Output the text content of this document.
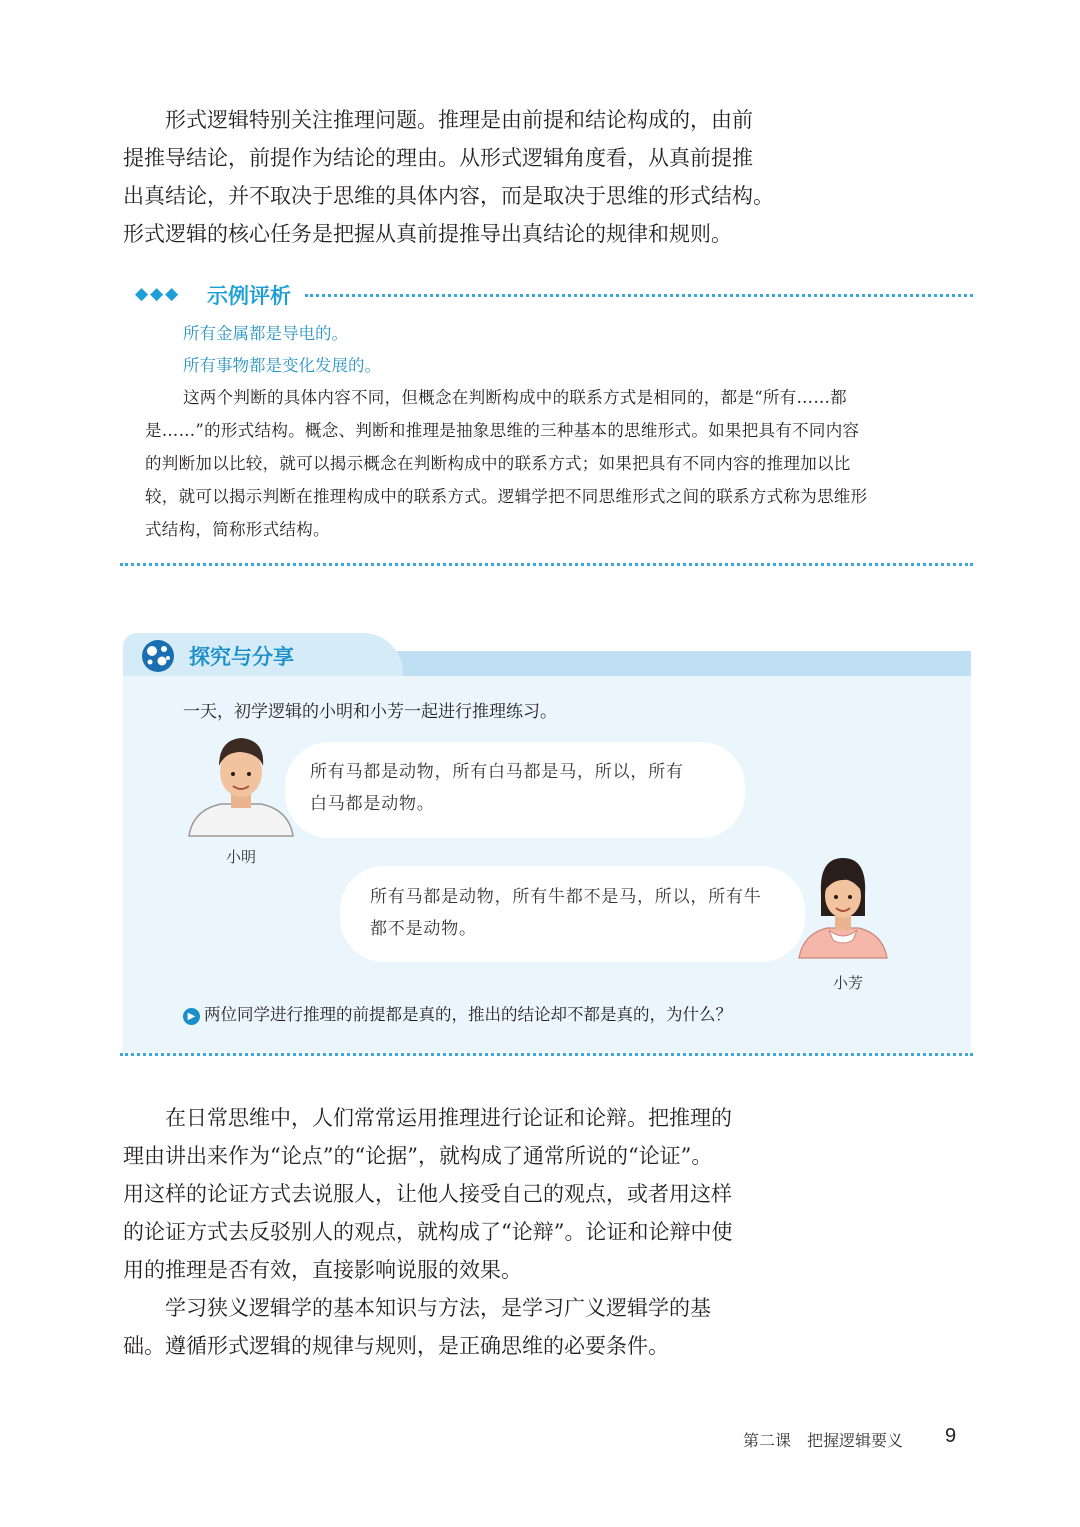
形式逻辑特别关注推理问题。推理是由前提和结论构成的，由前
提推导结论，前提作为结论的理由。从形式逻辑角度看，从真前提推
出真结论，并不取决于思维的具体内容，而是取决于思维的形式结构。
形式逻辑的核心任务是把握从真前提推导出真结论的规律和规则。

◆◆◆ 示例评析
所有金属都是导电的。
所有事物都是变化发展的。
这两个判断的具体内容不同，但概念在判断构成中的联系方式是相同的，都是“所有……都
是……”的形式结构。概念、判断和推理是抽象思维的三种基本的思维形式。如果把具有不同内容
的判断加以比较，就可以揭示概念在判断构成中的联系方式；如果把具有不同内容的推理加以比
较，就可以揭示判断在推理构成中的联系方式。逻辑学把不同思维形式之间的联系方式称为思维形
式结构，简称形式结构。
探究与分享
一天，初学逻辑的小明和小芳一起进行推理练习。
所有马都是动物，所有白马都是马，所以，所有
白马都是动物。
小明
所有马都是动物，所有牛都不是马，所以，所有牛
都不是动物。
小芳
▶ 两位同学进行推理的前提都是真的，推出的结论却不都是真的，为什么？

在日常思维中，人们常常运用推理进行论证和论辩。把推理的
理由讲出来作为“论点”的“论据”，就构成了通常所说的“论证”。
用这样的论证方式去说服人，让他人接受自己的观点，或者用这样
的论证方式去反驳别人的观点，就构成了“论辩”。论证和论辩中使
用的推理是否有效，直接影响说服的效果。

学习狭义逻辑学的基本知识与方法，是学习广义逻辑学的基
础。遵循形式逻辑的规律与规则，是正确思维的必要条件。

第二课　把握逻辑要义 9
